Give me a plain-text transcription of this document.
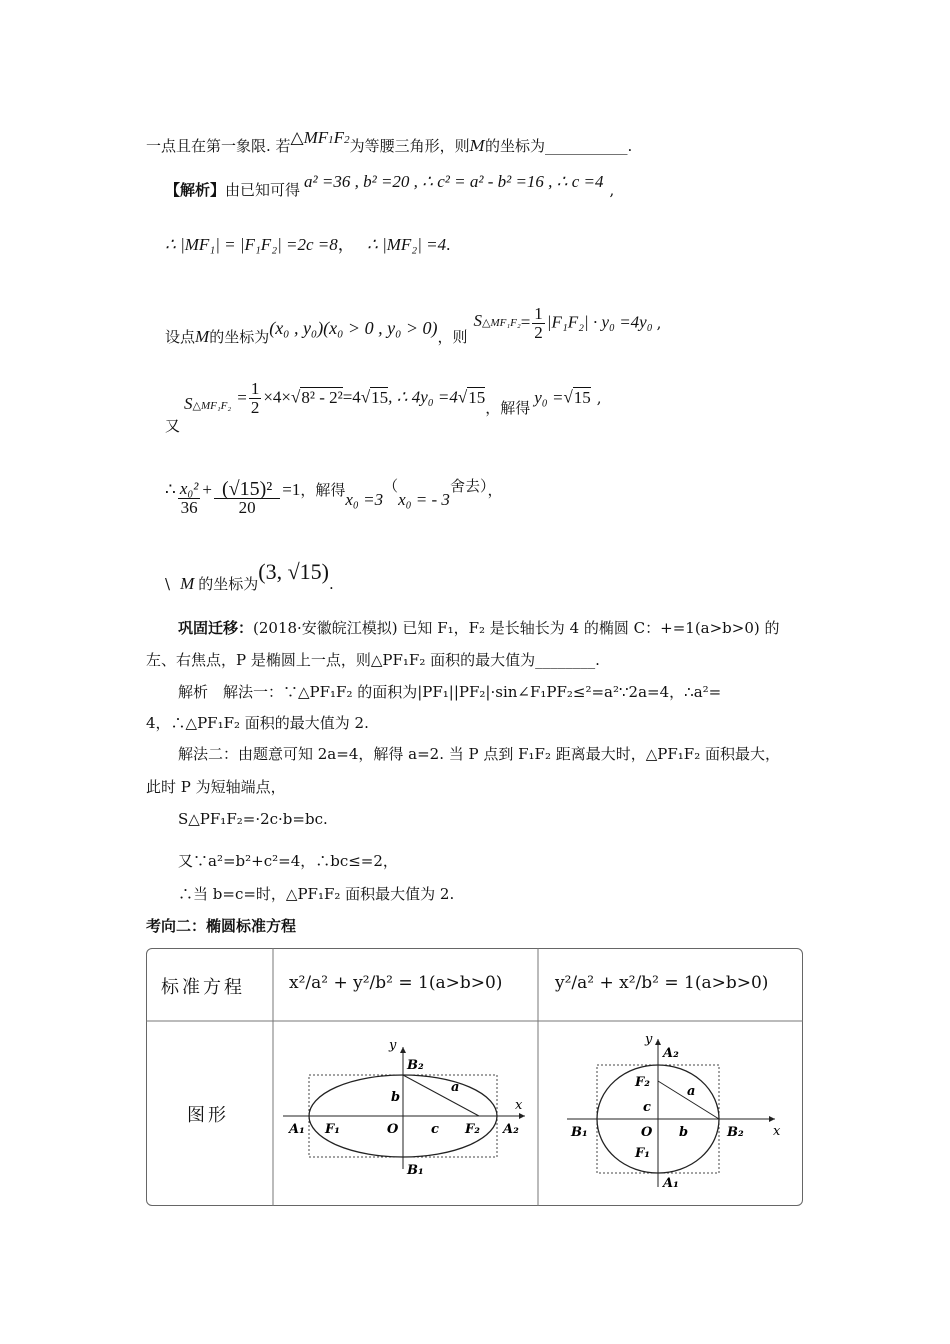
一点且在第一象限. 若△MF1F2为等腰三角形，则M的坐标为___________.
【解析】由已知可得 a² =36 , b² =20 , ∴ c² = a² - b² =16 , ∴ c =4 ,
∴ |MF₁| = |F₁F₂| =2c =8， ∴ |MF₂| =4.
设点M的坐标为(x₀ , y₀)(x₀ > 0 , y₀ > 0)，则S△MF₁F₂= $\frac{1}{2} |F_1F_2| \cdot y_0 =4y_0$ ,
又S△MF₁F₂ = $\frac{1}{2} \times 4\times√8^2 - 2^2=4√15$, ∴ 4y₀ =4√15，解得y₀ =√15 ,
∴ $\frac{\text{x₀²}}{36} + \frac{\text{(√15)²}}{20} =1$，解得x₀ =3（x₀ = - 3舍去），
\ M 的坐标为(3, √15).
巩固迁移：(2018·安徽皖江模拟) 已知 F₁，F₂ 是长轴长为 4 的椭圆 C：+=1(a>b>0) 的
左、右焦点，P 是椭圆上一点，则△PF₁F₂ 面积的最大值为________.
解析　解法一：∵△PF₁F₂ 的面积为|PF₁||PF₂|·sin∠F₁PF₂≤²=a²∵2a=4，∴a²=
4，∴△PF₁F₂ 面积的最大值为 2.
解法二：由题意可知 2a=4，解得 a=2. 当 P 点到 F₁F₂ 距离最大时，△PF₁F₂ 面积最大，
此时 P 为短轴端点，
S△PF₁F₂=·2c·b=bc.
又∵a²=b²+c²=4，∴bc≤=2，
∴当 b=c=时，△PF₁F₂ 面积最大值为 2.
考向二：椭圆标准方程
标准方程	x²/a² + y²/b² = 1(a>b>0)	y²/a² + x²/b² = 1(a>b>0)
图形
y
x
B₂
B₁
A₁	A₂
F₁	F₂
O
b
c
a
y
x
A₂
A₁
B₁	B₂
F₂
F₁
O
c
b
a
